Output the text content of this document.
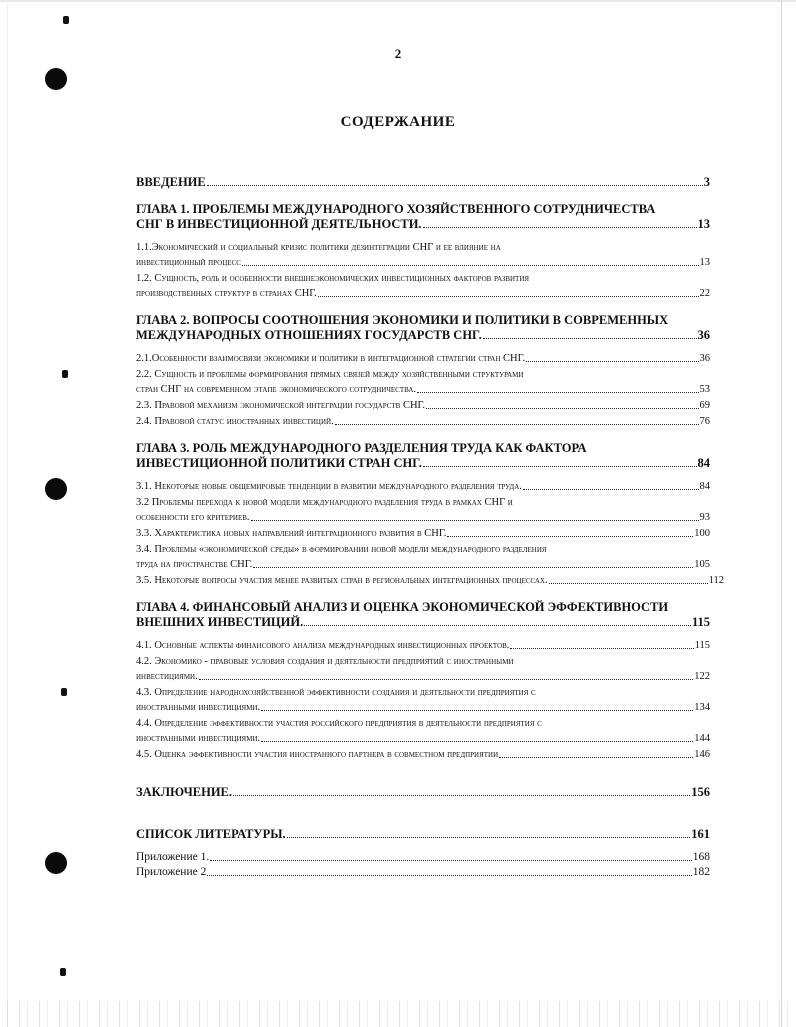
2
СОДЕРЖАНИЕ
ВВЕДЕНИЕ	3
ГЛАВА 1. ПРОБЛЕМЫ МЕЖДУНАРОДНОГО ХОЗЯЙСТВЕННОГО СОТРУДНИЧЕСТВА
СНГ В ИНВЕСТИЦИОННОЙ ДЕЯТЕЛЬНОСТИ.	13
1.1.Экономический и социальный кризис политики дезинтеграции СНГ и ее влияние на
инвестиционный процесс	13
1.2. Сущность, роль и особенности внешнеэкономических инвестиционных факторов развития
производственных структур в странах СНГ.	22
ГЛАВА 2. ВОПРОСЫ СООТНОШЕНИЯ ЭКОНОМИКИ И ПОЛИТИКИ В СОВРЕМЕННЫХ
МЕЖДУНАРОДНЫХ ОТНОШЕНИЯХ ГОСУДАРСТВ СНГ.	36
2.1.Особенности взаимосвязи экономики и политики в интеграционной стратегии стран СНГ.	36
2.2. Сущность и проблемы формирования прямых связей между хозяйственными структурами
стран СНГ на современном этапе экономического сотрудничества.	53
2.3. Правовой механизм экономической интеграции государств СНГ.	69
2.4. Правовой статус иностранных инвестиций.	76
ГЛАВА 3. РОЛЬ МЕЖДУНАРОДНОГО РАЗДЕЛЕНИЯ ТРУДА КАК ФАКТОРА
ИНВЕСТИЦИОННОЙ ПОЛИТИКИ СТРАН СНГ.	84
3.1. Некоторые новые общемировые тенденции в развитии международного разделения труда.	84
3.2 Проблемы перехода к новой модели международного разделения труда в рамках СНГ и
особенности его критериев.	93
3.3. Характеристика новых направлений интеграционного развития в СНГ.	100
3.4. Проблемы «экономической среды» в формировании новой модели международного разделения
труда на пространстве СНГ.	105
3.5. Некоторые вопросы участия менее развитых стран в региональных интеграционных процессах.	112
ГЛАВА 4. ФИНАНСОВЫЙ АНАЛИЗ И ОЦЕНКА ЭКОНОМИЧЕСКОЙ ЭФФЕКТИВНОСТИ
ВНЕШНИХ ИНВЕСТИЦИЙ.	115
4.1. Основные аспекты финансового анализа международных инвестиционных проектов.	115
4.2. Экономико - правовые условия создания и деятельности предприятий с иностранными
инвестициями.	122
4.3. Определение народнохозяйственной эффективности создания и деятельности предприятия с
иностранными инвестициями.	134
4.4. Определение эффективности участия российского предприятия в деятельности предприятия с
иностранными инвестициями.	144
4.5. Оценка эффективности участия иностранного партнера в совместном предприятии	146
ЗАКЛЮЧЕНИЕ.	156
СПИСОК ЛИТЕРАТУРЫ.	161
Приложение 1.	168
Приложение 2	182
